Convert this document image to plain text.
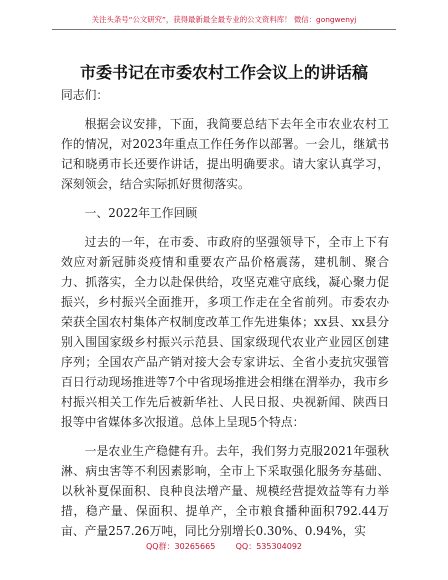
关注头条号“公文研究”，获得最新最全最专业的公文资料库！ 微信：gongwenyj
市委书记在市委农村工作会议上的讲话稿

同志们：

根据会议安排，下面，我简要总结下去年全市农业农村工作的情况，对2023年重点工作任务作以部署。一会儿，继斌书记和晓勇市长还要作讲话，提出明确要求。请大家认真学习，深刻领会，结合实际抓好贯彻落实。

一、2022年工作回顾

过去的一年，在市委、市政府的坚强领导下，全市上下有效应对新冠肺炎疫情和重要农产品价格震荡，建机制、聚合力、抓落实，全力以赴保供给，攻坚克难守底线，凝心聚力促振兴，乡村振兴全面推开，多项工作走在全省前列。市委农办荣获全国农村集体产权制度改革工作先进集体；xx县、xx县分别入围国家级乡村振兴示范县、国家级现代农业产业园区创建序列；全国农产品产销对接大会专家讲坛、全省小麦抗灾强管百日行动现场推进等7个中省现场推进会相继在渭举办，我市乡村振兴相关工作先后被新华社、人民日报、央视新闻、陕西日报等中省媒体多次报道。总体上呈现5个特点：

一是农业生产稳健有升。去年，我们努力克服2021年强秋淋、病虫害等不利因素影响，全市上下采取强化服务夯基础、以秋补夏保面积、良种良法增产量、规模经营提效益等有力举措，稳产量、保面积、提单产，全市粮食播种面积792.44万亩、产量257.26万吨，同比分别增长0.30%、0.94%，实

QQ群：30265665        QQ：535304092
